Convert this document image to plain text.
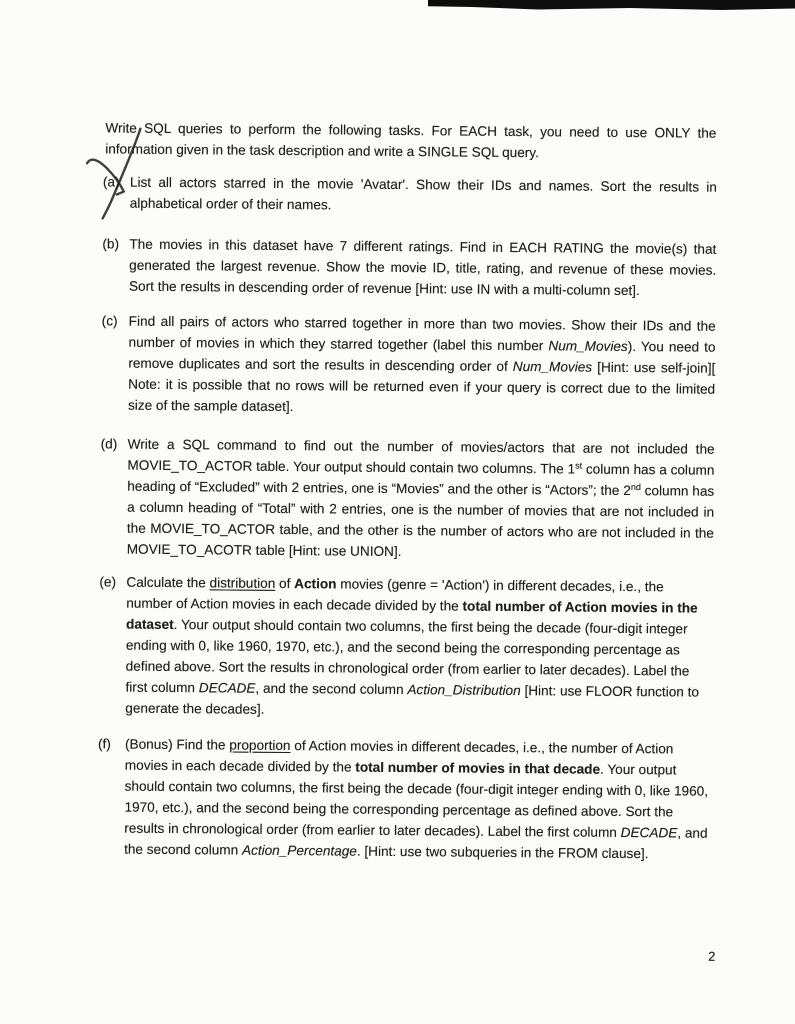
Write SQL queries to perform the following tasks. For EACH task, you need to use ONLY the information given in the task description and write a SINGLE SQL query.

(a) List all actors starred in the movie 'Avatar'. Show their IDs and names. Sort the results in alphabetical order of their names.
(b) The movies in this dataset have 7 different ratings. Find in EACH RATING the movie(s) that generated the largest revenue. Show the movie ID, title, rating, and revenue of these movies. Sort the results in descending order of revenue [Hint: use IN with a multi-column set].
(c) Find all pairs of actors who starred together in more than two movies. Show their IDs and the number of movies in which they starred together (label this number Num_Movies). You need to remove duplicates and sort the results in descending order of Num_Movies [Hint: use self-join][ Note: it is possible that no rows will be returned even if your query is correct due to the limited size of the sample dataset].
(d) Write a SQL command to find out the number of movies/actors that are not included the MOVIE_TO_ACTOR table. Your output should contain two columns. The 1st column has a column heading of “Excluded” with 2 entries, one is “Movies” and the other is “Actors”; the 2nd column has a column heading of “Total” with 2 entries, one is the number of movies that are not included in the MOVIE_TO_ACTOR table, and the other is the number of actors who are not included in the MOVIE_TO_ACOTR table [Hint: use UNION].
(e) Calculate the distribution of Action movies (genre = 'Action') in different decades, i.e., the number of Action movies in each decade divided by the total number of Action movies in the dataset. Your output should contain two columns, the first being the decade (four-digit integer ending with 0, like 1960, 1970, etc.), and the second being the corresponding percentage as defined above. Sort the results in chronological order (from earlier to later decades). Label the first column DECADE, and the second column Action_Distribution [Hint: use FLOOR function to generate the decades].
(f)	(Bonus) Find the proportion of Action movies in different decades, i.e., the number of Action movies in each decade divided by the total number of movies in that decade. Your output should contain two columns, the first being the decade (four-digit integer ending with 0, like 1960, 1970, etc.), and the second being the corresponding percentage as defined above. Sort the results in chronological order (from earlier to later decades). Label the first column DECADE, and the second column Action_Percentage. [Hint: use two subqueries in the FROM clause].
2
